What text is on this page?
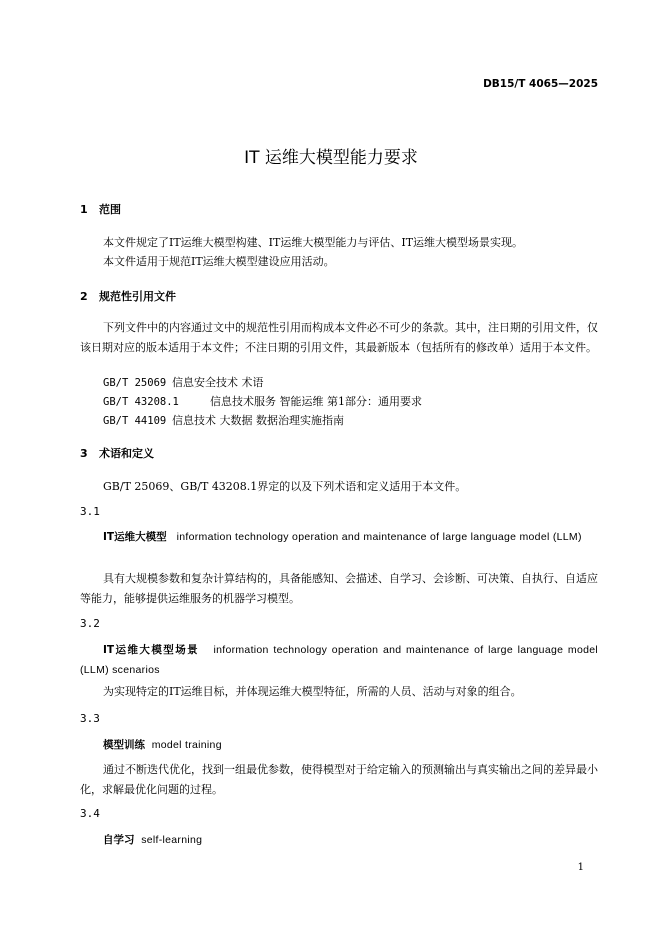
DB15/T 4065—2025
IT 运维大模型能力要求
1 范围
本文件规定了IT运维大模型构建、IT运维大模型能力与评估、IT运维大模型场景实现。
本文件适用于规范IT运维大模型建设应用活动。
2 规范性引用文件
下列文件中的内容通过文中的规范性引用而构成本文件必不可少的条款。其中，注日期的引用文件，仅该日期对应的版本适用于本文件；不注日期的引用文件，其最新版本（包括所有的修改单）适用于本文件。
GB/T 25069 信息安全技术 术语
GB/T 43208.1	信息技术服务 智能运维 第1部分：通用要求
GB/T 44109 信息技术 大数据 数据治理实施指南
3 术语和定义
GB/T 25069、GB/T 43208.1界定的以及下列术语和定义适用于本文件。
3.1
IT运维大模型 information technology operation and maintenance of large language model (LLM)
具有大规模参数和复杂计算结构的，具备能感知、会描述、自学习、会诊断、可决策、自执行、自适应等能力，能够提供运维服务的机器学习模型。
3.2
IT运维大模型场景 information technology operation and maintenance of large language model (LLM) scenarios
为实现特定的IT运维目标，并体现运维大模型特征，所需的人员、活动与对象的组合。
3.3
模型训练 model training
通过不断迭代优化，找到一组最优参数，使得模型对于给定输入的预测输出与真实输出之间的差异最小化，求解最优化问题的过程。
3.4
自学习 self-learning
1
